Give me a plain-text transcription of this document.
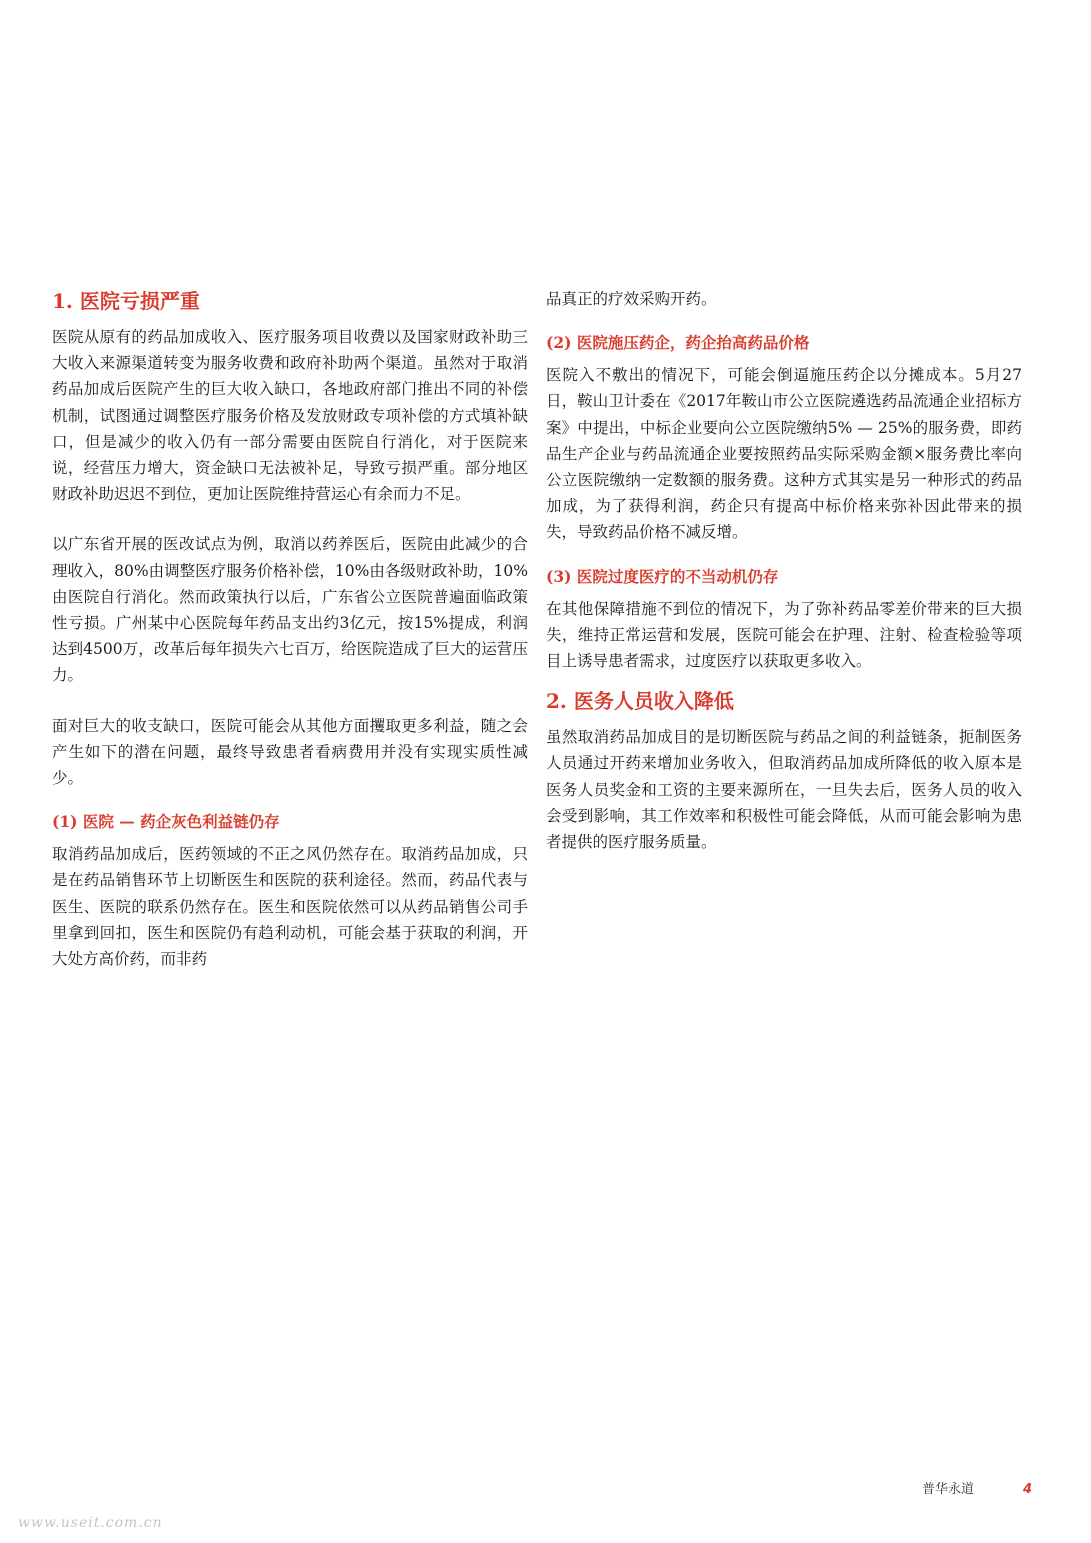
1. 医院亏损严重

医院从原有的药品加成收入、医疗服务项目收费以及国家财政补助三大收入来源渠道转变为服务收费和政府补助两个渠道。虽然对于取消药品加成后医院产生的巨大收入缺口，各地政府部门推出不同的补偿机制，试图通过调整医疗服务价格及发放财政专项补偿的方式填补缺口，但是减少的收入仍有一部分需要由医院自行消化，对于医院来说，经营压力增大，资金缺口无法被补足，导致亏损严重。部分地区财政补助迟迟不到位，更加让医院维持营运心有余而力不足。

以广东省开展的医改试点为例，取消以药养医后，医院由此减少的合理收入，80%由调整医疗服务价格补偿，10%由各级财政补助，10%由医院自行消化。然而政策执行以后，广东省公立医院普遍面临政策性亏损。广州某中心医院每年药品支出约3亿元，按15%提成，利润达到4500万，改革后每年损失六七百万，给医院造成了巨大的运营压力。

面对巨大的收支缺口，医院可能会从其他方面攫取更多利益，随之会产生如下的潜在问题，最终导致患者看病费用并没有实现实质性减少。

(1) 医院 — 药企灰色利益链仍存

取消药品加成后，医药领域的不正之风仍然存在。取消药品加成，只是在药品销售环节上切断医生和医院的获利途径。然而，药品代表与医生、医院的联系仍然存在。医生和医院依然可以从药品销售公司手里拿到回扣，医生和医院仍有趋利动机，可能会基于获取的利润，开大处方高价药，而非药

品真正的疗效采购开药。

(2) 医院施压药企，药企抬高药品价格

医院入不敷出的情况下，可能会倒逼施压药企以分摊成本。5月27日，鞍山卫计委在《2017年鞍山市公立医院遴选药品流通企业招标方案》中提出，中标企业要向公立医院缴纳5% — 25%的服务费，即药品生产企业与药品流通企业要按照药品实际采购金额×服务费比率向公立医院缴纳一定数额的服务费。这种方式其实是另一种形式的药品加成，为了获得利润，药企只有提高中标价格来弥补因此带来的损失，导致药品价格不减反增。

(3) 医院过度医疗的不当动机仍存

在其他保障措施不到位的情况下，为了弥补药品零差价带来的巨大损失，维持正常运营和发展，医院可能会在护理、注射、检查检验等项目上诱导患者需求，过度医疗以获取更多收入。

2. 医务人员收入降低

虽然取消药品加成目的是切断医院与药品之间的利益链条，扼制医务人员通过开药来增加业务收入，但取消药品加成所降低的收入原本是医务人员奖金和工资的主要来源所在，一旦失去后，医务人员的收入会受到影响，其工作效率和积极性可能会降低，从而可能会影响为患者提供的医疗服务质量。

普华永道	4
www.useit.com.cn
